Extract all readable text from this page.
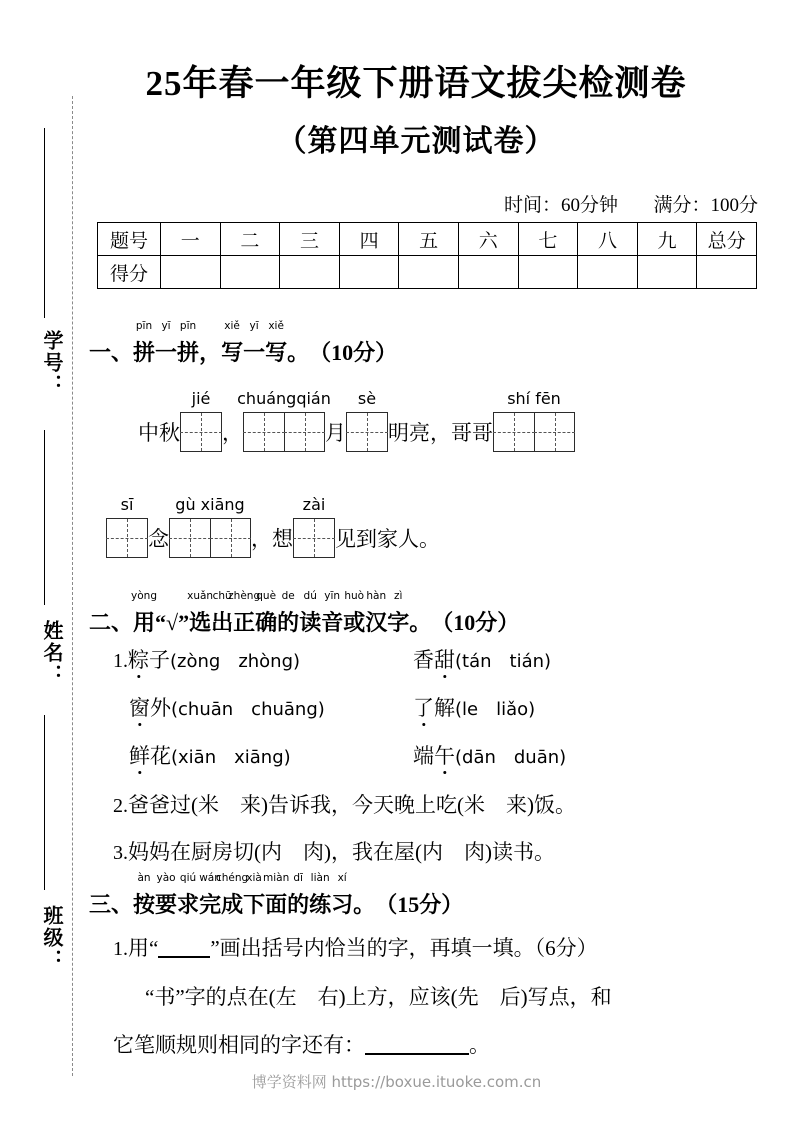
学号：
姓名：
班级：
25年春一年级下册语文拔尖检测卷
（第四单元测试卷）
时间：60分钟 满分：100分
题号	一	二	三	四	五	六	七	八	九	总分
得分										
一、
pīn
拼
yī
一
pīn
拼 ，
xiě
写
yī
一
xiě
写 。 （10分）
中秋
jié
，
chuángqián
月
sè
明亮，哥哥
shí fēn
sī
念
gù xiāng
，想
zài
见到家人。
二、
yòng
用 “√”
xuǎn
选
chū
出
zhèng
正
què
确
de
的
dú
读
yīn
音
huò
或
hàn
汉
zì
字 。 （10分）
1.粽子(zòng　zhòng)	香甜(tán　tián)
窗外(chuān　chuāng)	了解(le　liǎo)
鲜花(xiān　xiāng)	端午(dān　duān)
2.爸爸过(米　来)告诉我，今天晚上吃(米　来)饭。
3.妈妈在厨房切(内　肉)，我在屋(内　肉)读书。
三、
àn
按
yào
要
qiú
求
wán
完
chéng
成
xià
下
miàn
面
dī
的
liàn
练
xí
习 。 （15分）
1.用“ ”画出括号内恰当的字，再填一填。（6分）
“书”字的点在(左　右)上方，应该(先　后)写点，和
它笔顺规则相同的字还有：	。
博学资料网 https://boxue.ituoke.com.cn
